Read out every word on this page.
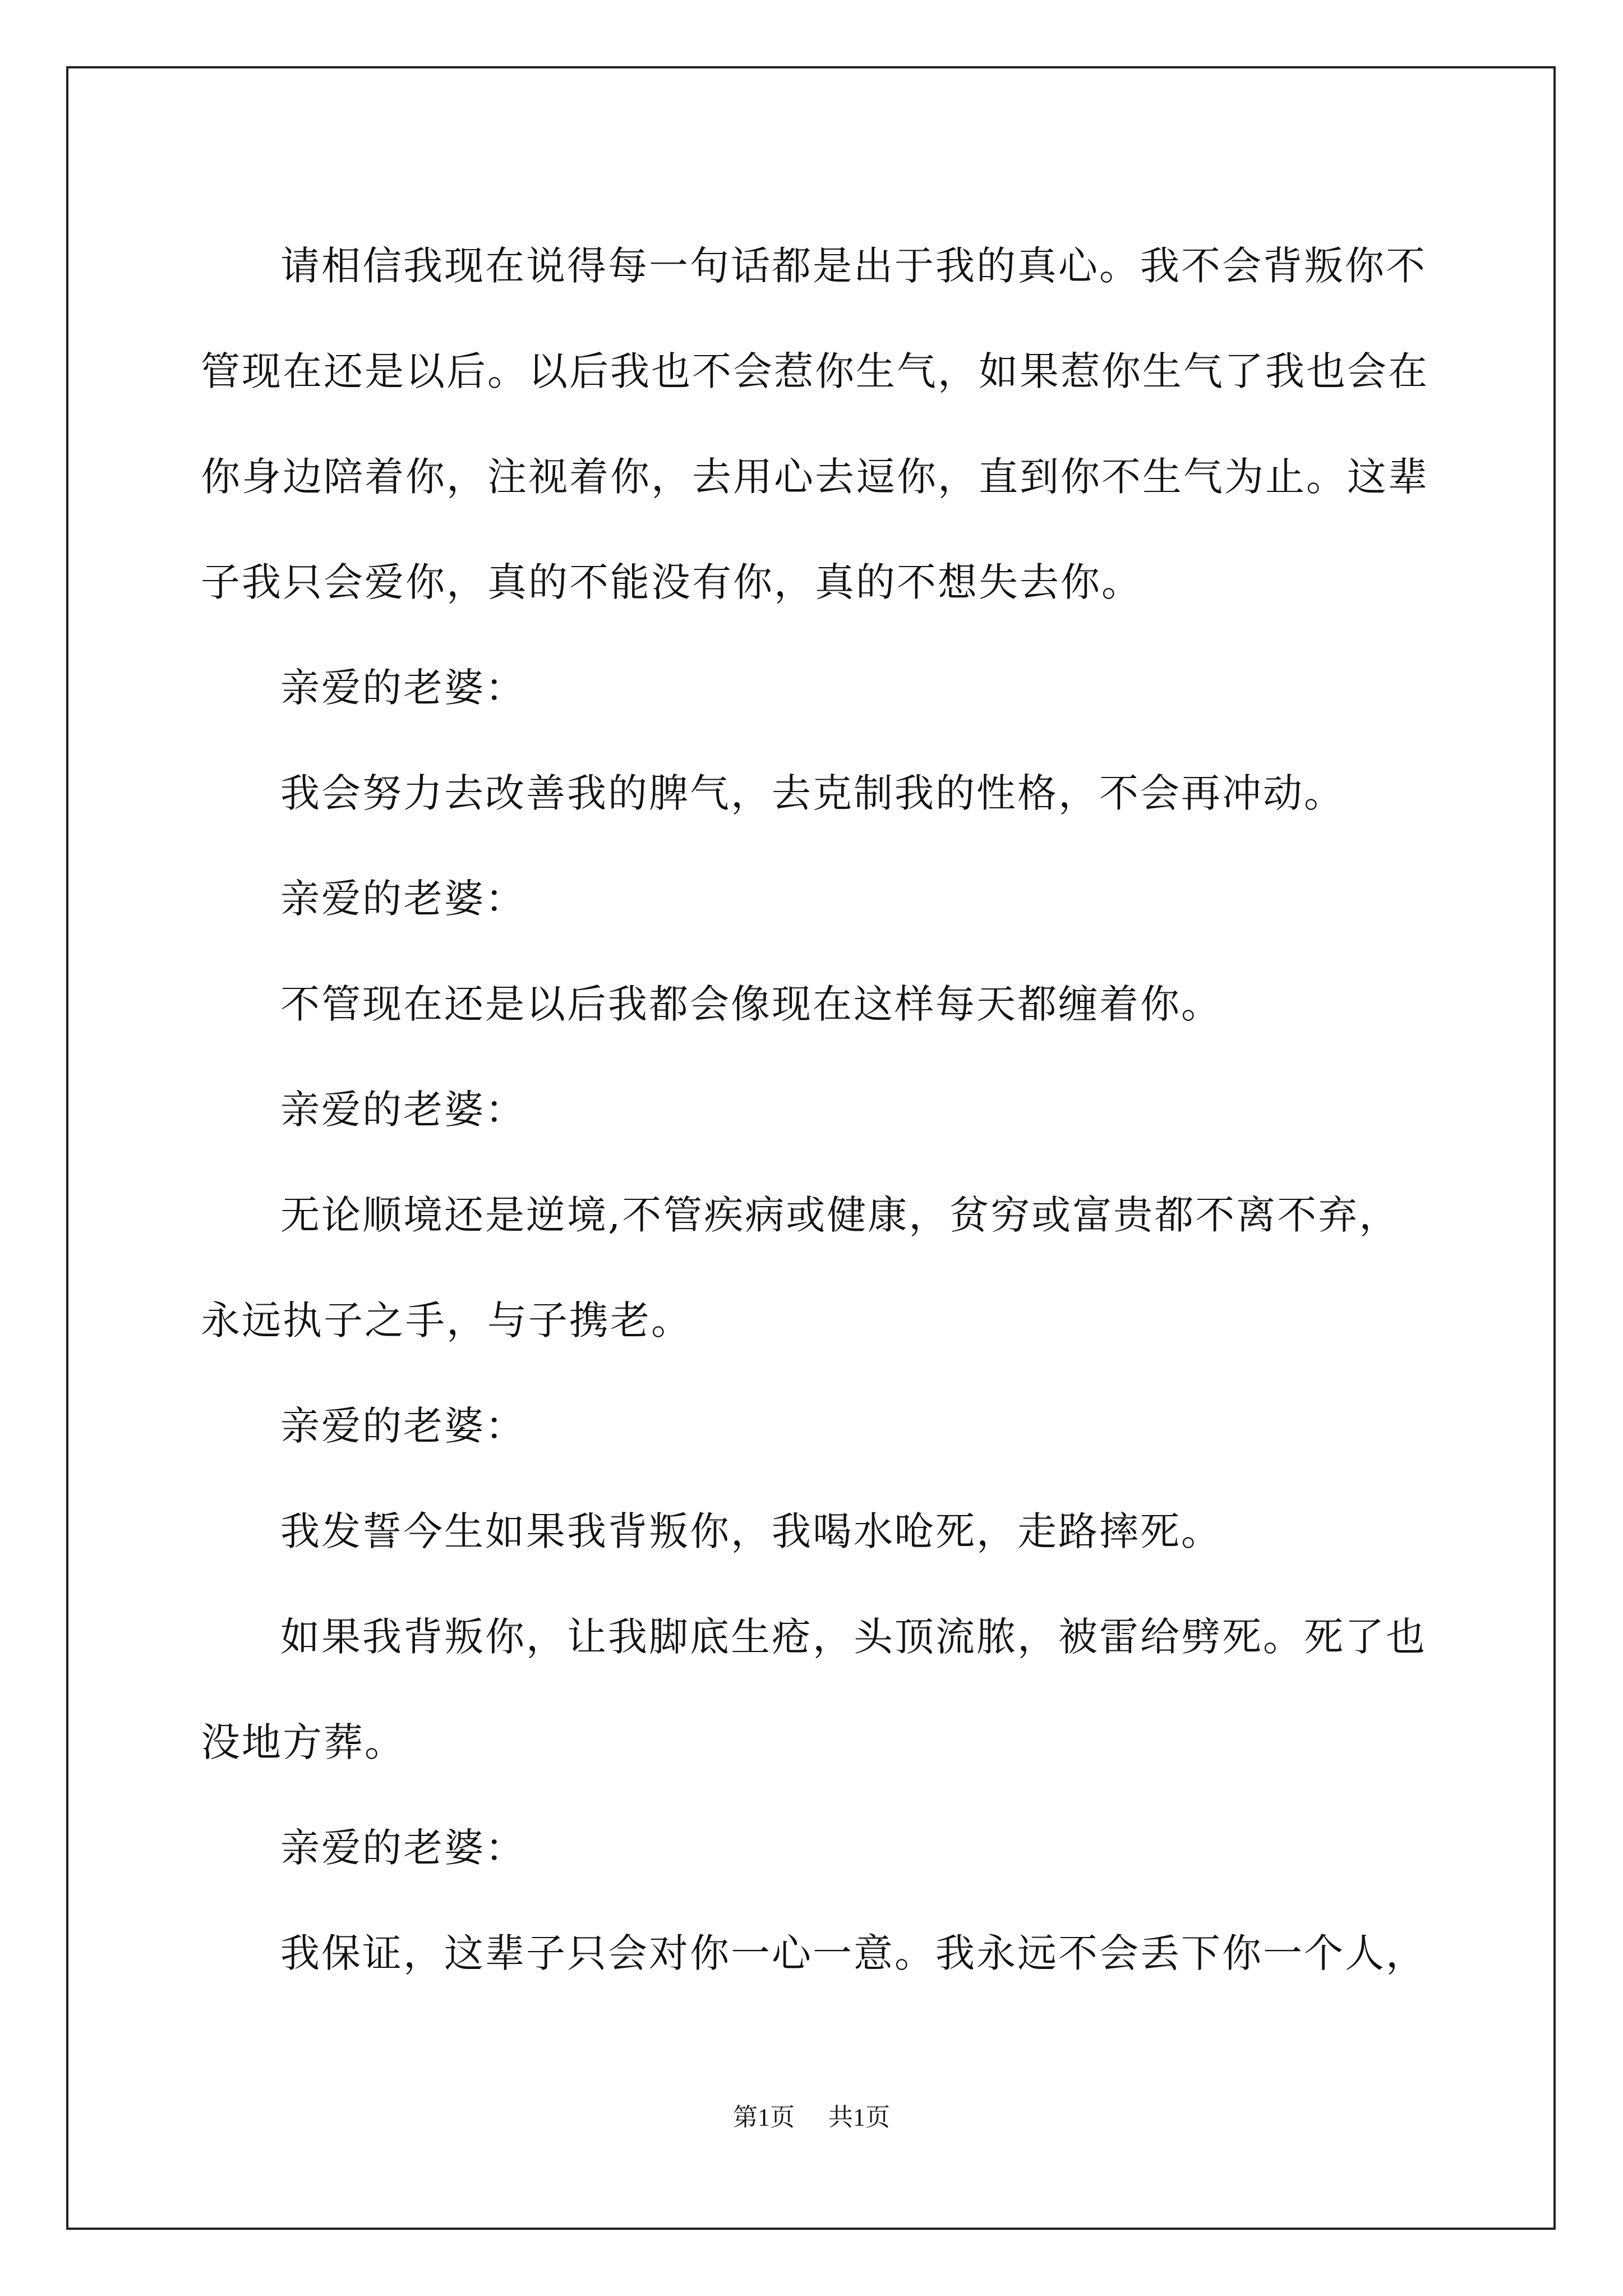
请相信我现在说得每一句话都是出于我的真心。我不会背叛你不管现在还是以后。以后我也不会惹你生气，如果惹你生气了我也会在你身边陪着你，注视着你，去用心去逗你，直到你不生气为止。这辈子我只会爱你，真的不能没有你，真的不想失去你。

亲爱的老婆：

我会努力去改善我的脾气，去克制我的性格，不会再冲动。

亲爱的老婆：

不管现在还是以后我都会像现在这样每天都缠着你。

亲爱的老婆：

无论顺境还是逆境,不管疾病或健康，贫穷或富贵都不离不弃，永远执子之手，与子携老。

亲爱的老婆：

我发誓今生如果我背叛你，我喝水呛死，走路摔死。

如果我背叛你，让我脚底生疮，头顶流脓，被雷给劈死。死了也没地方葬。

亲爱的老婆：

我保证，这辈子只会对你一心一意。我永远不会丢下你一个人，

第1页 共1页
